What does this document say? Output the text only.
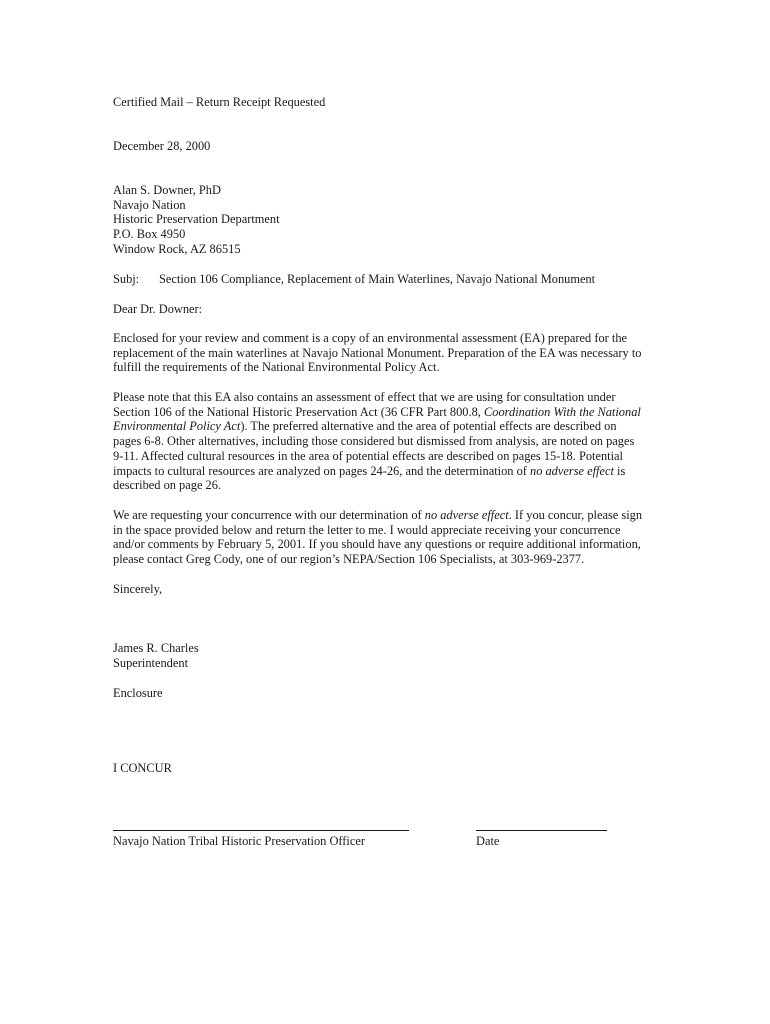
Certified Mail – Return Receipt Requested
December 28, 2000
Alan S. Downer, PhD
Navajo Nation
Historic Preservation Department
P.O. Box 4950
Window Rock, AZ 86515
Subj: Section 106 Compliance, Replacement of Main Waterlines, Navajo National Monument
Dear Dr. Downer:
Enclosed for your review and comment is a copy of an environmental assessment (EA) prepared for the
replacement of the main waterlines at Navajo National Monument. Preparation of the EA was necessary to
fulfill the requirements of the National Environmental Policy Act.
Please note that this EA also contains an assessment of effect that we are using for consultation under
Section 106 of the National Historic Preservation Act (36 CFR Part 800.8, Coordination With the National
Environmental Policy Act). The preferred alternative and the area of potential effects are described on
pages 6-8. Other alternatives, including those considered but dismissed from analysis, are noted on pages
9-11. Affected cultural resources in the area of potential effects are described on pages 15-18. Potential
impacts to cultural resources are analyzed on pages 24-26, and the determination of no adverse effect is
described on page 26.
We are requesting your concurrence with our determination of no adverse effect. If you concur, please sign
in the space provided below and return the letter to me. I would appreciate receiving your concurrence
and/or comments by February 5, 2001. If you should have any questions or require additional information,
please contact Greg Cody, one of our region’s NEPA/Section 106 Specialists, at 303-969-2377.
Sincerely,
James R. Charles
Superintendent
Enclosure
I CONCUR
Navajo Nation Tribal Historic Preservation Officer	Date
